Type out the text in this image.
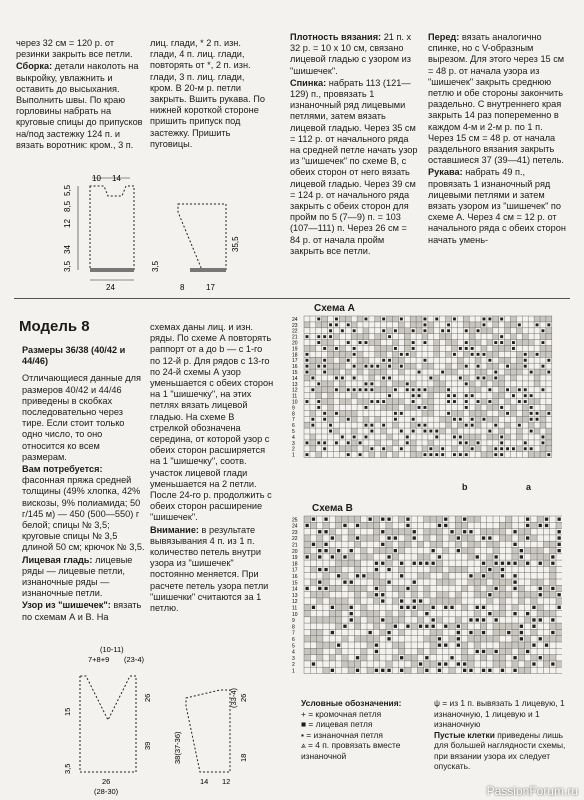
через 32 см = 120 р. от резинки закрыть все петли.

Сборка: детали наколоть на выкройку, увлажнить и оставить до высыхания. Выполнить швы. По краю горловины набрать на круговые спицы до припусков на/под застежку 124 п. и вязать воротник: кром., 3 п.

лиц. глади, * 2 п. изн. глади, 4 п. лиц. глади, повторять от *, 2 п. изн. глади, 3 п. лиц. глади, кром. В 20-м р. петли закрыть. Вшить рукава. По нижней короткой стороне пришить припуск под застежку. Пришить пуговицы.

Плотность вязания: 21 п. х 32 р. = 10 х 10 см, связано лицевой гладью с узором из "шишечек".

Спинка: набрать 113 (121—129) п., провязать 1 изнаночный ряд лицевыми петлями, затем вязать лицевой гладью. Через 35 см = 112 р. от начального ряда на средней петле начать узор из "шишечек" по схеме В, с обеих сторон от него вязать лицевой гладью. Через 39 см = 124 р. от начального ряда закрыть с обеих сторон для пройм по 5 (7—9) п. = 103 (107—111) п. Через 26 см = 84 р. от начала пройм закрыть все петли.

Перед: вязать аналогично спинке, но с V-образным вырезом. Для этого через 15 см = 48 р. от начала узора из "шишечек" закрыть среднюю петлю и обе стороны закончить раздельно. С внутреннего края закрыть 14 раз попеременно в каждом 4-м и 2-м р. по 1 п. Через 15 см = 48 р. от начала раздельного вязания закрыть оставшиеся 37 (39—41) петель.

Рукава: набрать 49 п., провязать 1 изнаночный ряд лицевыми петлями и затем вязать узором из "шишечек" по схеме А. Через 4 см = 12 р. от начального ряда с обеих сторон начать умень-

10 14
5,5
8,5
12
34
3,5
24
35,5
3,5
8	17
Модель 8

Размеры 36/38 (40/42 и 44/46)

Отличающиеся данные для размеров 40/42 и 44/46 приведены в скобках последовательно через тире. Если стоит только одно число, то оно относится ко всем размерам.

Вам потребуется: фасонная пряжа средней толщины (49% хлопка, 42% вискозы, 9% полиамида; 50 г/145 м) — 450 (500—550) г белой; спицы № 3,5; круговые спицы № 3,5 длиной 50 см; крючок № 3,5.

Лицевая гладь: лицевые ряды — лицевые петли, изнаночные ряды — изнаночные петли.

Узор из "шишечек": вязать по схемам А и В. На

схемах даны лиц. и изн. ряды. По схеме А повторять раппорт от а до b — с 1-го по 12-й р. Для рядов с 13-го по 24-й схемы А узор уменьшается с обеих сторон на 1 "шишечку", на этих петлях вязать лицевой гладью. На схеме В стрелкой обозначена середина, от которой узор с обеих сторон расширяется на 1 "шишечку", соотв. участок лицевой глади уменьшается на 2 петли. После 24-го р. продолжить с обеих сторон расширение "шишечек".

Внимание: в результате вывязывания 4 п. из 1 п. количество петель внутри узора из "шишечек" постоянно меняется. При расчете петель узора петли "шишечки" считаются за 1 петлю.

(10-11)
7+8+9 (23-4)
15
26
39
3,5
26
(28-30)
(33-4) 26
38(37-36)	18
14 12
Схема А
1
2
3
4
5
6
7
8
9
10
11
12
13
14
15
16
17
18
19
20
21
22
23
24
b	a
Схема В
1
2
3
4
5
6
7
8
9
10
11
12
13
14
15
16
17
18
19
20
21
22
23
24
25
Условные обозначения:
+ = кромочная петля
■ = лицевая петля
▪ = изнаночная петля
⩓ = 4 п. провязать вместе изнаночной
ψ = из 1 п. вывязать 1 лицевую, 1 изнаночную, 1 лицевую и 1 изнаночную
Пустые клетки приведены лишь для большей наглядности схемы, при вязании узора их следует опускать.
PassionForum.ru
